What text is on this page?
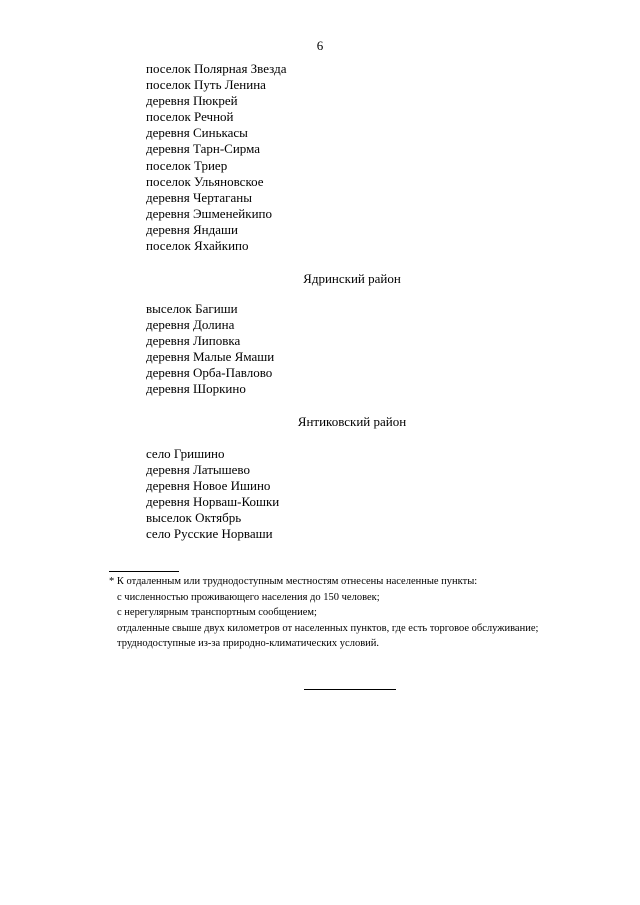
6
поселок Полярная Звезда
поселок Путь Ленина
деревня Пюкрей
поселок Речной
деревня Синькасы
деревня Тарн-Сирма
поселок Триер
поселок Ульяновское
деревня Чертаганы
деревня Эшменейкипо
деревня Яндаши
поселок Яхайкипо
Ядринский район
выселок Багиши
деревня Долина
деревня Липовка
деревня Малые Ямаши
деревня Орба-Павлово
деревня Шоркино
Янтиковский район
село Гришино
деревня Латышево
деревня Новое Ишино
деревня Норваш-Кошки
выселок Октябрь
село Русские Норваши
* К отдаленным или труднодоступным местностям отнесены населенные пункты:
с численностью проживающего населения до 150 человек;
с нерегулярным транспортным сообщением;
отдаленные свыше двух километров от населенных пунктов, где есть торговое обслуживание;
труднодоступные из-за природно-климатических условий.
